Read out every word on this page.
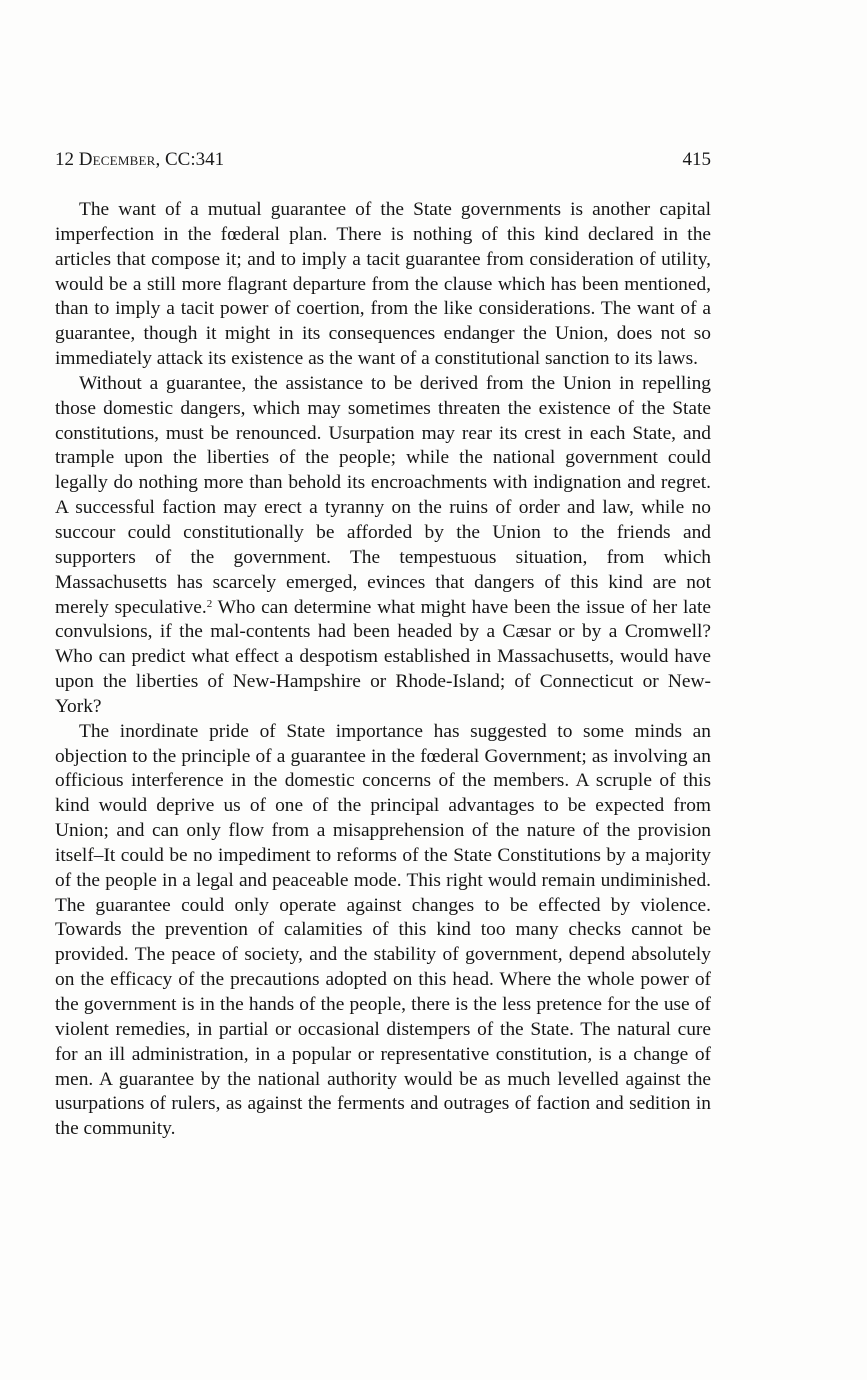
12 December, CC:341	415

The want of a mutual guarantee of the State governments is another capital imperfection in the fœderal plan. There is nothing of this kind declared in the articles that compose it; and to imply a tacit guarantee from consideration of utility, would be a still more flagrant departure from the clause which has been mentioned, than to imply a tacit power of coertion, from the like considerations. The want of a guarantee, though it might in its consequences endanger the Union, does not so immediately attack its existence as the want of a constitutional sanction to its laws.

Without a guarantee, the assistance to be derived from the Union in repelling those domestic dangers, which may sometimes threaten the existence of the State constitutions, must be renounced. Usurpation may rear its crest in each State, and trample upon the liberties of the people; while the national government could legally do nothing more than behold its encroachments with indignation and regret. A successful faction may erect a tyranny on the ruins of order and law, while no succour could constitutionally be afforded by the Union to the friends and supporters of the government. The tempestuous situation, from which Massachusetts has scarcely emerged, evinces that dangers of this kind are not merely speculative.$^2$ Who can determine what might have been the issue of her late convulsions, if the mal-contents had been headed by a Cæsar or by a Cromwell? Who can predict what effect a despotism established in Massachusetts, would have upon the liberties of New-Hampshire or Rhode-Island; of Connecticut or New-York?

The inordinate pride of State importance has suggested to some minds an objection to the principle of a guarantee in the fœderal Government; as involving an officious interference in the domestic concerns of the members. A scruple of this kind would deprive us of one of the principal advantages to be expected from Union; and can only flow from a misapprehension of the nature of the provision itself–It could be no impediment to reforms of the State Constitutions by a majority of the people in a legal and peaceable mode. This right would remain undiminished. The guarantee could only operate against changes to be effected by violence. Towards the prevention of calamities of this kind too many checks cannot be provided. The peace of society, and the stability of government, depend absolutely on the efficacy of the precautions adopted on this head. Where the whole power of the government is in the hands of the people, there is the less pretence for the use of violent remedies, in partial or occasional distempers of the State. The natural cure for an ill administration, in a popular or representative constitution, is a change of men. A guarantee by the national authority would be as much levelled against the usurpations of rulers, as against the ferments and outrages of faction and sedition in the community.
